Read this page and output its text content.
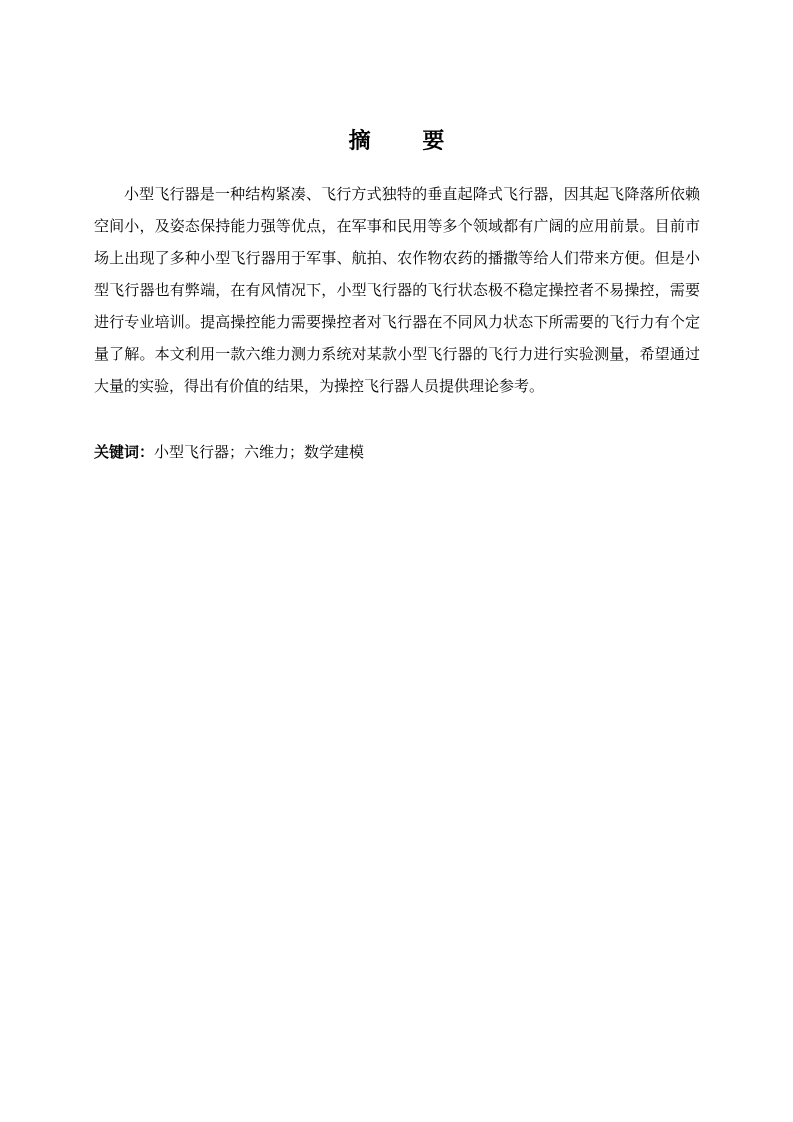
摘 要

小型飞行器是一种结构紧凑、飞行方式独特的垂直起降式飞行器，因其起飞降落所依赖空间小，及姿态保持能力强等优点，在军事和民用等多个领域都有广阔的应用前景。目前市场上出现了多种小型飞行器用于军事、航拍、农作物农药的播撒等给人们带来方便。但是小型飞行器也有弊端，在有风情况下，小型飞行器的飞行状态极不稳定操控者不易操控，需要进行专业培训。提高操控能力需要操控者对飞行器在不同风力状态下所需要的飞行力有个定量了解。本文利用一款六维力测力系统对某款小型飞行器的飞行力进行实验测量，希望通过大量的实验，得出有价值的结果，为操控飞行器人员提供理论参考。

关键词：小型飞行器；六维力；数学建模
